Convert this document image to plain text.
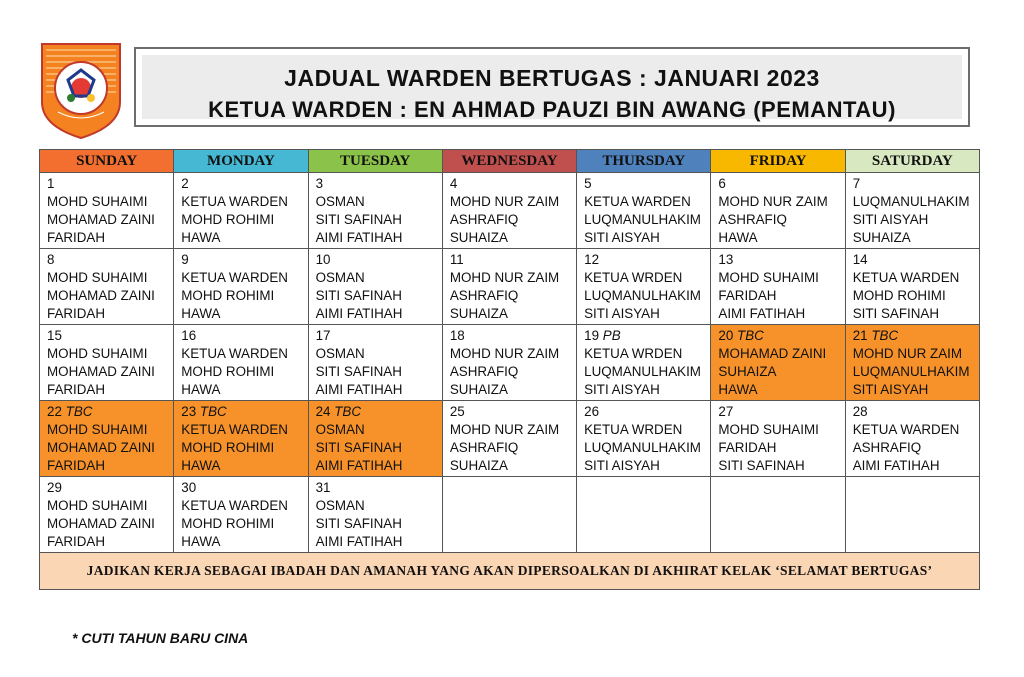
JADUAL WARDEN BERTUGAS : JANUARI 2023
KETUA WARDEN : EN AHMAD PAUZI BIN AWANG (PEMANTAU)
SUNDAY	MONDAY	TUESDAY	WEDNESDAY	THURSDAY	FRIDAY	SATURDAY

1
MOHD SUHAIMI
MOHAMAD ZAINI
FARIDAH	2
KETUA WARDEN
MOHD ROHIMI
HAWA	3
OSMAN
SITI SAFINAH
AIMI FATIHAH	4
MOHD NUR ZAIM
ASHRAFIQ
SUHAIZA	5
KETUA WARDEN
LUQMANULHAKIM
SITI AISYAH	6
MOHD NUR ZAIM
ASHRAFIQ
HAWA	7
LUQMANULHAKIM
SITI AISYAH
SUHAIZA

8
MOHD SUHAIMI
MOHAMAD ZAINI
FARIDAH	9
KETUA WARDEN
MOHD ROHIMI
HAWA	10
OSMAN
SITI SAFINAH
AIMI FATIHAH	11
MOHD NUR ZAIM
ASHRAFIQ
SUHAIZA	12
KETUA WRDEN
LUQMANULHAKIM
SITI AISYAH	13
MOHD SUHAIMI
FARIDAH
AIMI FATIHAH	14
KETUA WARDEN
MOHD ROHIMI
SITI SAFINAH

15
MOHD SUHAIMI
MOHAMAD ZAINI
FARIDAH	16
KETUA WARDEN
MOHD ROHIMI
HAWA	17
OSMAN
SITI SAFINAH
AIMI FATIHAH	18
MOHD NUR ZAIM
ASHRAFIQ
SUHAIZA	19 PB
KETUA WRDEN
LUQMANULHAKIM
SITI AISYAH	20 TBC
MOHAMAD ZAINI
SUHAIZA
HAWA	21 TBC
MOHD NUR ZAIM
LUQMANULHAKIM
SITI AISYAH

22 TBC
MOHD SUHAIMI
MOHAMAD ZAINI
FARIDAH	23 TBC
KETUA WARDEN
MOHD ROHIMI
HAWA	24 TBC
OSMAN
SITI SAFINAH
AIMI FATIHAH	25
MOHD NUR ZAIM
ASHRAFIQ
SUHAIZA	26
KETUA WRDEN
LUQMANULHAKIM
SITI AISYAH	27
MOHD SUHAIMI
FARIDAH
SITI SAFINAH	28
KETUA WARDEN
ASHRAFIQ
AIMI FATIHAH

29
MOHD SUHAIMI
MOHAMAD ZAINI
FARIDAH	30
KETUA WARDEN
MOHD ROHIMI
HAWA	31
OSMAN
SITI SAFINAH
AIMI FATIHAH				

JADIKAN KERJA SEBAGAI IBADAH DAN AMANAH YANG AKAN DIPERSOALKAN DI AKHIRAT KELAK ‘SELAMAT BERTUGAS’						
* CUTI TAHUN BARU CINA
